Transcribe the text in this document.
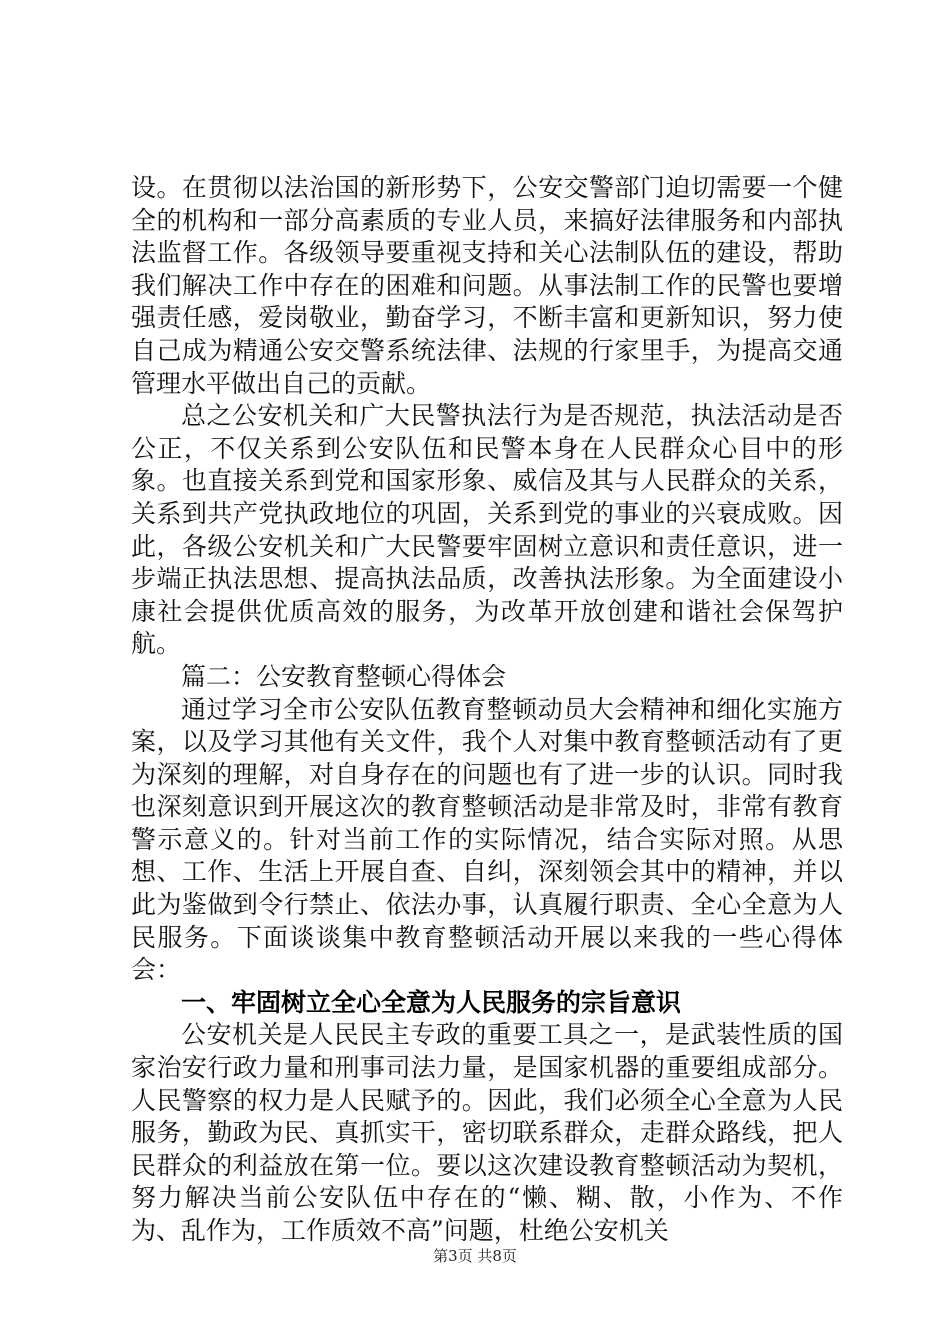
设。在贯彻以法治国的新形势下，公安交警部门迫切需要一个健全的机构和一部分高素质的专业人员，来搞好法律服务和内部执法监督工作。各级领导要重视支持和关心法制队伍的建设，帮助我们解决工作中存在的困难和问题。从事法制工作的民警也要增强责任感，爱岗敬业，勤奋学习，不断丰富和更新知识，努力使自己成为精通公安交警系统法律、法规的行家里手，为提高交通管理水平做出自己的贡献。

总之公安机关和广大民警执法行为是否规范，执法活动是否公正，不仅关系到公安队伍和民警本身在人民群众心目中的形象。也直接关系到党和国家形象、威信及其与人民群众的关系，关系到共产党执政地位的巩固，关系到党的事业的兴衰成败。因此，各级公安机关和广大民警要牢固树立意识和责任意识，进一步端正执法思想、提高执法品质，改善执法形象。为全面建设小康社会提供优质高效的服务，为改革开放创建和谐社会保驾护航。

篇二：公安教育整顿心得体会

通过学习全市公安队伍教育整顿动员大会精神和细化实施方案，以及学习其他有关文件，我个人对集中教育整顿活动有了更为深刻的理解，对自身存在的问题也有了进一步的认识。同时我也深刻意识到开展这次的教育整顿活动是非常及时，非常有教育警示意义的。针对当前工作的实际情况，结合实际对照。从思想、工作、生活上开展自查、自纠，深刻领会其中的精神，并以此为鉴做到令行禁止、依法办事，认真履行职责、全心全意为人民服务。下面谈谈集中教育整顿活动开展以来我的一些心得体会：

一、牢固树立全心全意为人民服务的宗旨意识

公安机关是人民民主专政的重要工具之一，是武装性质的国家治安行政力量和刑事司法力量，是国家机器的重要组成部分。人民警察的权力是人民赋予的。因此，我们必须全心全意为人民服务，勤政为民、真抓实干，密切联系群众，走群众路线，把人民群众的利益放在第一位。要以这次建设教育整顿活动为契机，努力解决当前公安队伍中存在的“懒、糊、散，小作为、不作为、乱作为，工作质效不高”问题，杜绝公安机关

第3页 共8页
